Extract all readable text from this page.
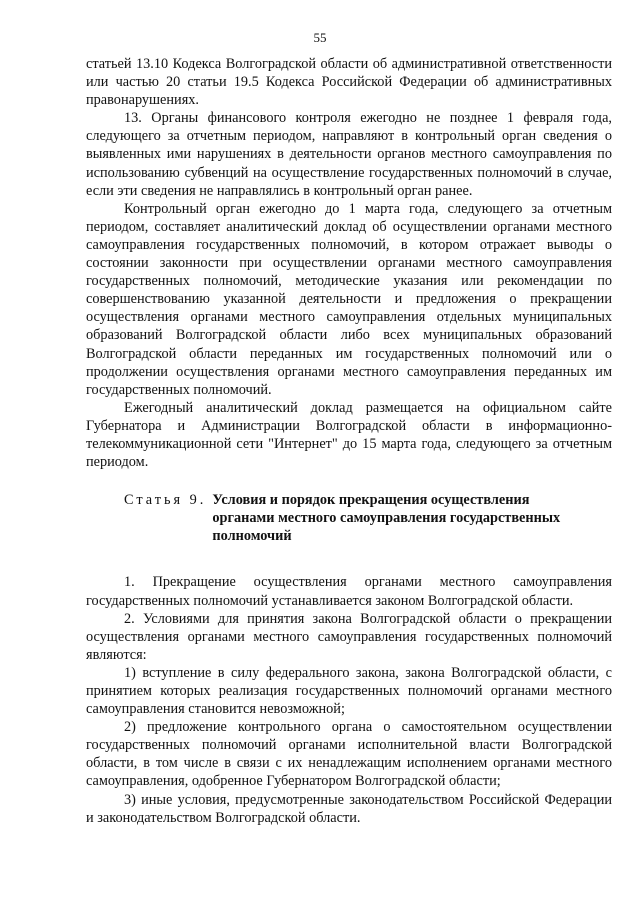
55

статьей 13.10 Кодекса Волгоградской области об административной ответственности или частью 20 статьи 19.5 Кодекса Российской Федерации об административных правонарушениях.

13. Органы финансового контроля ежегодно не позднее 1 февраля года, следующего за отчетным периодом, направляют в контрольный орган сведения о выявленных ими нарушениях в деятельности органов местного самоуправления по использованию субвенций на осуществление государственных полномочий в случае, если эти сведения не направлялись в контрольный орган ранее.

Контрольный орган ежегодно до 1 марта года, следующего за отчетным периодом, составляет аналитический доклад об осуществлении органами местного самоуправления государственных полномочий, в котором отражает выводы о состоянии законности при осуществлении органами местного самоуправления государственных полномочий, методические указания или рекомендации по совершенствованию указанной деятельности и предложения о прекращении осуществления органами местного самоуправления отдельных муниципальных образований Волгоградской области либо всех муниципальных образований Волгоградской области переданных им государственных полномочий или о продолжении осуществления органами местного самоуправления переданных им государственных полномочий.

Ежегодный аналитический доклад размещается на официальном сайте Губернатора и Администрации Волгоградской области в информационно-телекоммуникационной сети "Интернет" до 15 марта года, следующего за отчетным периодом.

Статья 9. Условия и порядок прекращения осуществления
органами местного самоуправления государственных
полномочий

1. Прекращение осуществления органами местного самоуправления государственных полномочий устанавливается законом Волгоградской области.

2. Условиями для принятия закона Волгоградской области о прекращении осуществления органами местного самоуправления государственных полномочий являются:

1) вступление в силу федерального закона, закона Волгоградской области, с принятием которых реализация государственных полномочий органами местного самоуправления становится невозможной;

2) предложение контрольного органа о самостоятельном осуществлении государственных полномочий органами исполнительной власти Волгоградской области, в том числе в связи с их ненадлежащим исполнением органами местного самоуправления, одобренное Губернатором Волгоградской области;

3) иные условия, предусмотренные законодательством Российской Федерации и законодательством Волгоградской области.
